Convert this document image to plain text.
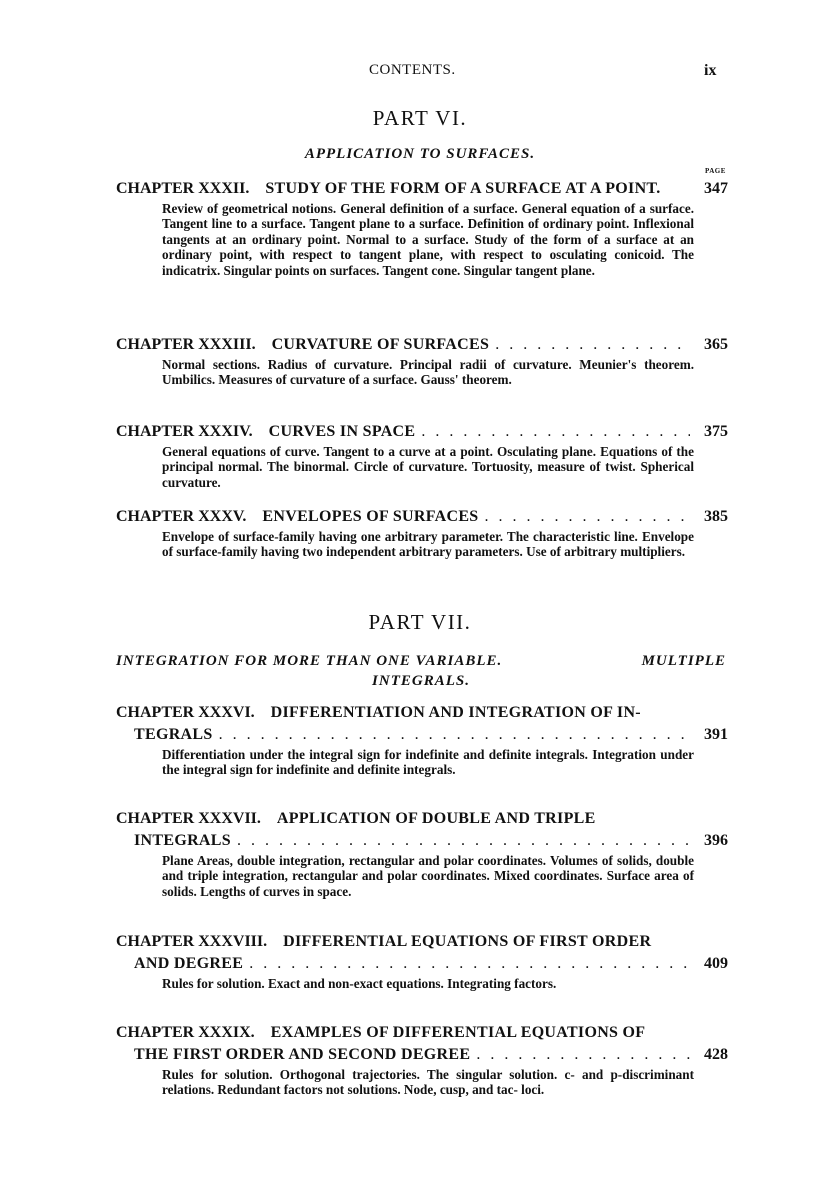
CONTENTS.	ix
PART VI.
APPLICATION TO SURFACES.
PAGE
CHAPTER XXXII. STUDY OF THE FORM OF A SURFACE AT A POINT.	347
Review of geometrical notions. General definition of a surface. General equation of a surface. Tangent line to a surface. Tangent plane to a surface. Definition of ordinary point. Inflexional tangents at an ordinary point. Normal to a surface. Study of the form of a surface at an ordinary point, with respect to tangent plane, with respect to osculating conicoid. The indicatrix. Singular points on surfaces. Tangent cone. Singular tangent plane.
CHAPTER XXXIII. CURVATURE OF SURFACES . . .	365
Normal sections. Radius of curvature. Principal radii of curvature. Meunier's theorem. Umbilics. Measures of curvature of a surface. Gauss' theorem.
CHAPTER XXXIV. CURVES IN SPACE . . .	375
General equations of curve. Tangent to a curve at a point. Osculating plane. Equations of the principal normal. The binormal. Circle of curvature. Tortuosity, measure of twist. Spherical curvature.
CHAPTER XXXV. ENVELOPES OF SURFACES . . .	385
Envelope of surface-family having one arbitrary parameter. The characteristic line. Envelope of surface-family having two independent arbitrary parameters. Use of arbitrary multipliers.
PART VII.
INTEGRATION FOR MORE THAN ONE VARIABLE.	MULTIPLE
INTEGRALS.
CHAPTER XXXVI. DIFFERENTIATION AND INTEGRATION OF IN-
TEGRALS . . .	391
Differentiation under the integral sign for indefinite and definite integrals. Integration under the integral sign for indefinite and definite integrals.
CHAPTER XXXVII. APPLICATION OF DOUBLE AND TRIPLE
INTEGRALS . . .	396
Plane Areas, double integration, rectangular and polar coordinates. Volumes of solids, double and triple integration, rectangular and polar coordinates. Mixed coordinates. Surface area of solids. Lengths of curves in space.
CHAPTER XXXVIII. DIFFERENTIAL EQUATIONS OF FIRST ORDER
AND DEGREE . . .	409
Rules for solution. Exact and non-exact equations. Integrating factors.
CHAPTER XXXIX. EXAMPLES OF DIFFERENTIAL EQUATIONS OF
THE FIRST ORDER AND SECOND DEGREE . . .	428
Rules for solution. Orthogonal trajectories. The singular solution. c- and p-discriminant relations. Redundant factors not solutions. Node, cusp, and tac- loci.
